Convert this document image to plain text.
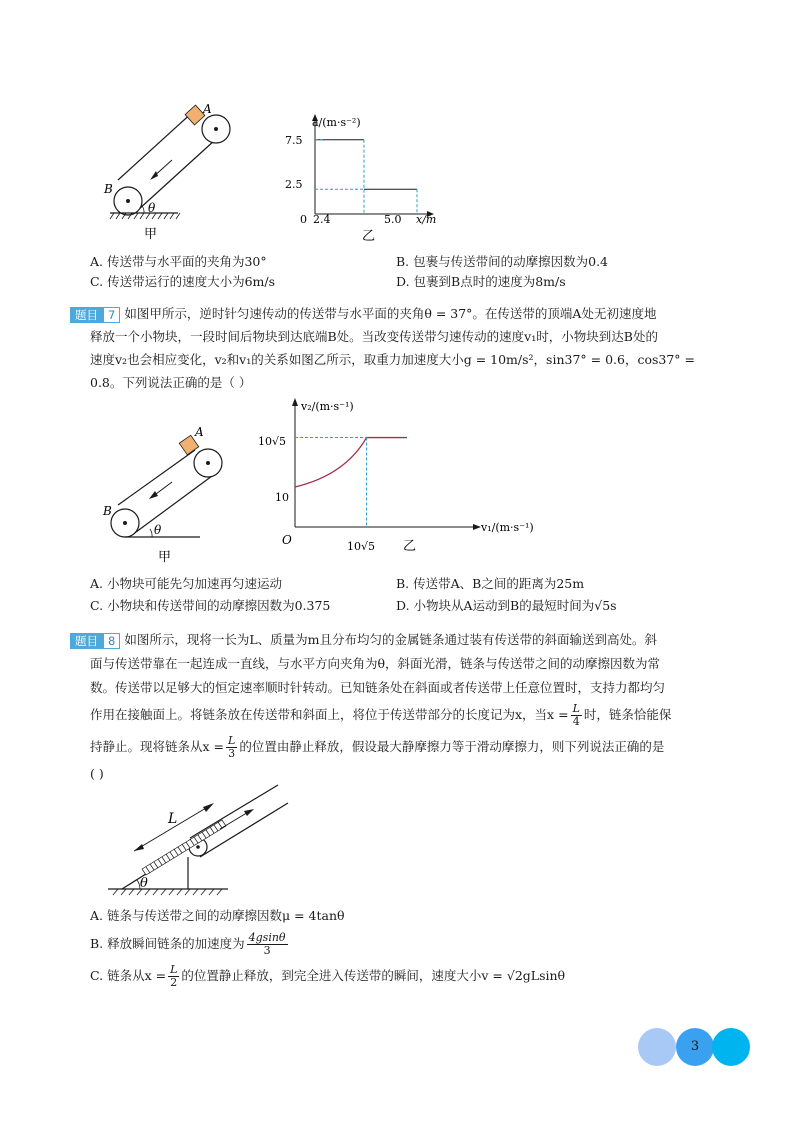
A
B
θ
甲
a/(m·s⁻²)
x/m
0
7.5
2.5
2.4	5.0
乙
A. 传送带与水平面的夹角为30°	B. 包裹与传送带间的动摩擦因数为0.4
C. 传送带运行的速度大小为6m/s	D. 包裹到B点时的速度为8m/s
题目 7 如图甲所示，逆时针匀速传动的传送带与水平面的夹角θ = 37°。在传送带的顶端A处无初速度地
释放一个小物块，一段时间后物块到达底端B处。当改变传送带匀速传动的速度v₁时，小物块到达B处的
速度v₂也会相应变化，v₂和v₁的关系如图乙所示，取重力加速度大小g = 10m/s²，sin37° = 0.6，cos37° =
0.8。下列说法正确的是（ ）
A
B
θ
甲
v₂/(m·s⁻¹)
v₁/(m·s⁻¹)
O
10√5
10
10√5 乙
A. 小物块可能先匀加速再匀速运动	B. 传送带A、B之间的距离为25m
C. 小物块和传送带间的动摩擦因数为0.375	D. 小物块从A运动到B的最短时间为√5s
题目 8 如图所示，现将一长为L、质量为m且分布均匀的金属链条通过装有传送带的斜面输送到高处。斜
面与传送带靠在一起连成一直线，与水平方向夹角为θ，斜面光滑，链条与传送带之间的动摩擦因数为常
数。传送带以足够大的恒定速率顺时针转动。已知链条处在斜面或者传送带上任意位置时，支持力都均匀
作用在接触面上。将链条放在传送带和斜面上，将位于传送带部分的长度记为x，当$x = \frac{L}{4}$ 时，链条恰能保
持静止。现将链条从$x = \frac{L}{3}$ 的位置由静止释放，假设最大静摩擦力等于滑动摩擦力，则下列说法正确的是
( )
L
θ
A. 链条与传送带之间的动摩擦因数μ = 4tanθ
B. 释放瞬间链条的加速度为 $\frac{4gsin\theta}{3}$
C. 链条从$x = \frac{L}{2}$ 的位置静止释放，到完全进入传送带的瞬间，速度大小v = √2gLsinθ
3
